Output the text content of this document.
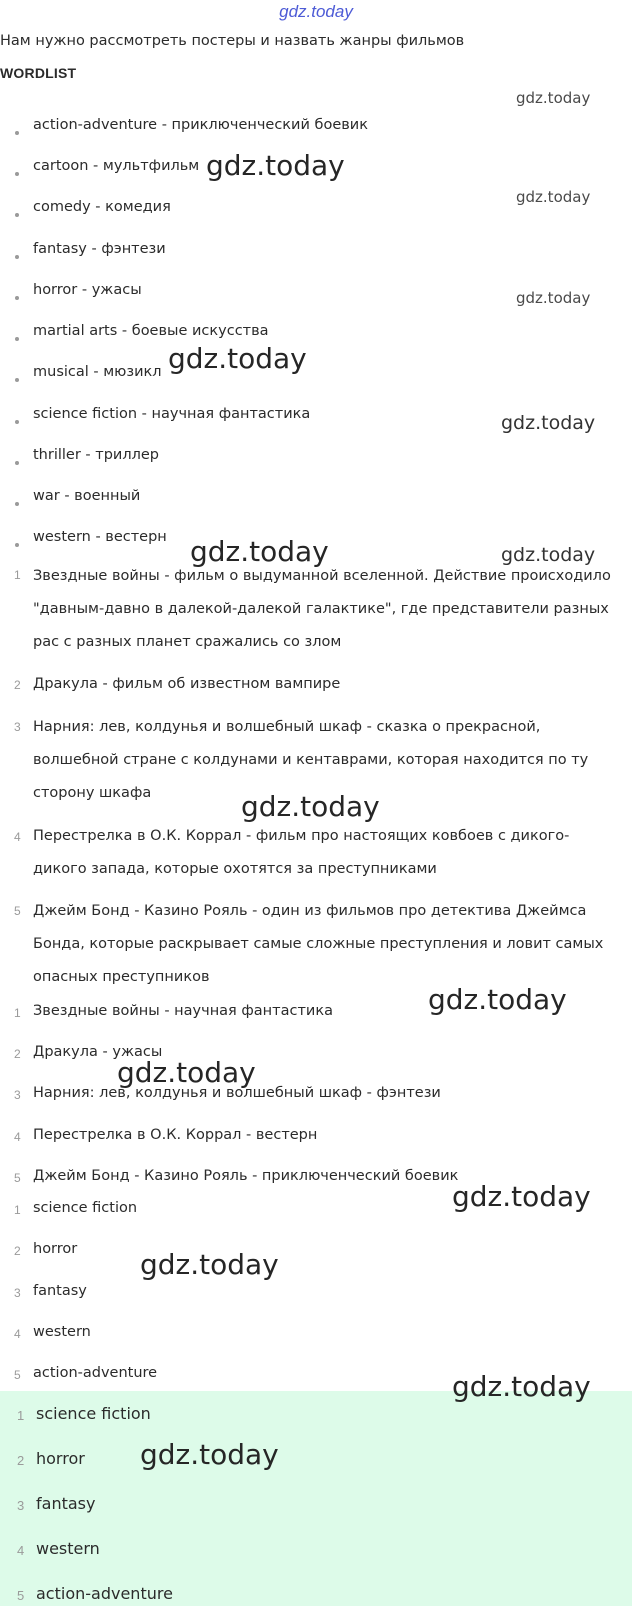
gdz.today
Нам нужно рассмотреть постеры и назвать жанры фильмов
WORDLIST
action-adventure - приключенческий боевик
cartoon - мультфильм
comedy - комедия
fantasy - фэнтези
horror - ужасы
martial arts - боевые искусства
musical - мюзикл
science fiction - научная фантастика
thriller - триллер
war - военный
western - вестерн
1 Звездные войны - фильм о выдуманной вселенной. Действие происходило "давным-давно в далекой-далекой галактике", где представители разных рас с разных планет сражались со злом
2 Дракула - фильм об известном вампире
3 Нарния: лев, колдунья и волшебный шкаф - сказка о прекрасной, волшебной стране с колдунами и кентаврами, которая находится по ту сторону шкафа
4 Перестрелка в О.К. Коррал - фильм про настоящих ковбоев с дикого-дикого запада, которые охотятся за преступниками
5 Джейм Бонд - Казино Рояль - один из фильмов про детектива Джеймса Бонда, которые раскрывает самые сложные преступления и ловит самых опасных преступников
1 Звездные войны - научная фантастика
2 Дракула - ужасы
3 Нарния: лев, колдунья и волшебный шкаф - фэнтези
4 Перестрелка в О.К. Коррал - вестерн
5 Джейм Бонд - Казино Рояль - приключенческий боевик
1 science fiction
2 horror
3 fantasy
4 western
5 action-adventure
1 science fiction
2 horror
3 fantasy
4 western
5 action-adventure
gdz.today
gdz.today
gdz.today
gdz.today
gdz.today
gdz.today
gdz.today	gdz.today
gdz.today
gdz.today
gdz.today
gdz.today
gdz.today
gdz.today
gdz.today
